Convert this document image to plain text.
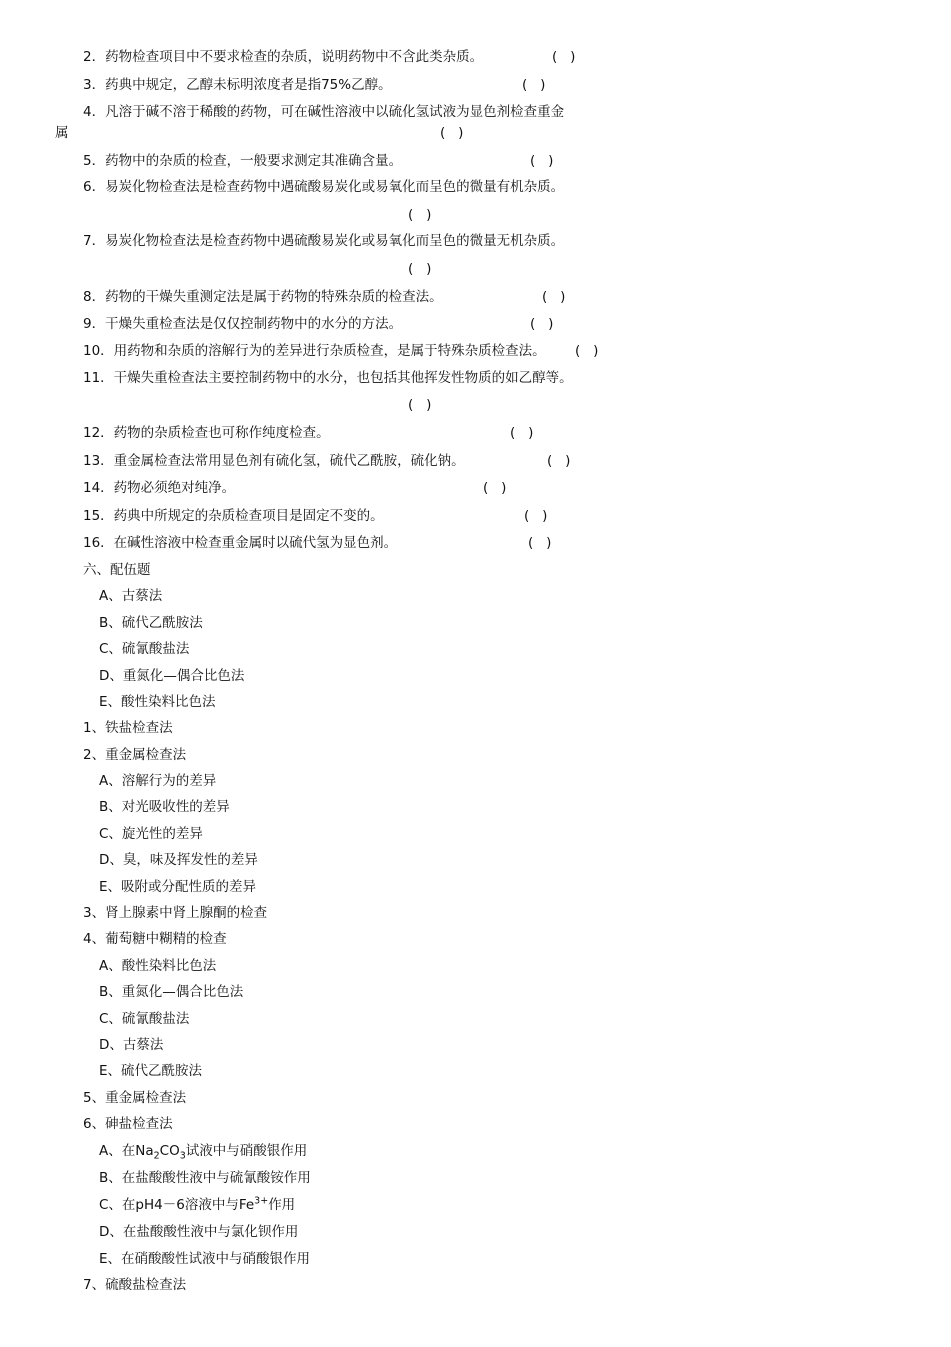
2．药物检查项目中不要求检查的杂质，说明药物中不含此类杂质。	(   )
3．药典中规定，乙醇未标明浓度者是指75%乙醇。	(   )
4．凡溶于碱不溶于稀酸的药物，可在碱性溶液中以硫化氢试液为显色剂检查重金
属	(   )
5．药物中的杂质的检查，一般要求测定其准确含量。	(   )
6．易炭化物检查法是检查药物中遇硫酸易炭化或易氧化而呈色的微量有机杂质。
(   )
7．易炭化物检查法是检查药物中遇硫酸易炭化或易氧化而呈色的微量无机杂质。
(   )
8．药物的干燥失重测定法是属于药物的特殊杂质的检查法。	(   )
9．干燥失重检查法是仅仅控制药物中的水分的方法。	(   )
10．用药物和杂质的溶解行为的差异进行杂质检查，是属于特殊杂质检查法。 (   )
11．干燥失重检查法主要控制药物中的水分，也包括其他挥发性物质的如乙醇等。
(   )
12．药物的杂质检查也可称作纯度检查。	(   )
13．重金属检查法常用显色剂有硫化氢，硫代乙酰胺，硫化钠。	(   )
14．药物必须绝对纯净。	(   )
15．药典中所规定的杂质检查项目是固定不变的。	(   )
16．在碱性溶液中检查重金属时以硫代氢为显色剂。	(   )
六、配伍题
A、古蔡法
B、硫代乙酰胺法
C、硫氰酸盐法
D、重氮化—偶合比色法
E、酸性染料比色法
1、铁盐检查法
2、重金属检查法
A、溶解行为的差异
B、对光吸收性的差异
C、旋光性的差异
D、臭，味及挥发性的差异
E、吸附或分配性质的差异
3、肾上腺素中肾上腺酮的检查
4、葡萄糖中糊精的检查
A、酸性染料比色法
B、重氮化—偶合比色法
C、硫氰酸盐法
D、古蔡法
E、硫代乙酰胺法
5、重金属检查法
6、砷盐检查法
A、在$Na_2CO_3$试液中与硝酸银作用
B、在盐酸酸性液中与硫氰酸铵作用
C、在pH4－6溶液中与$Fe^{3+}$作用
D、在盐酸酸性液中与氯化钡作用
E、在硝酸酸性试液中与硝酸银作用
7、硫酸盐检查法
